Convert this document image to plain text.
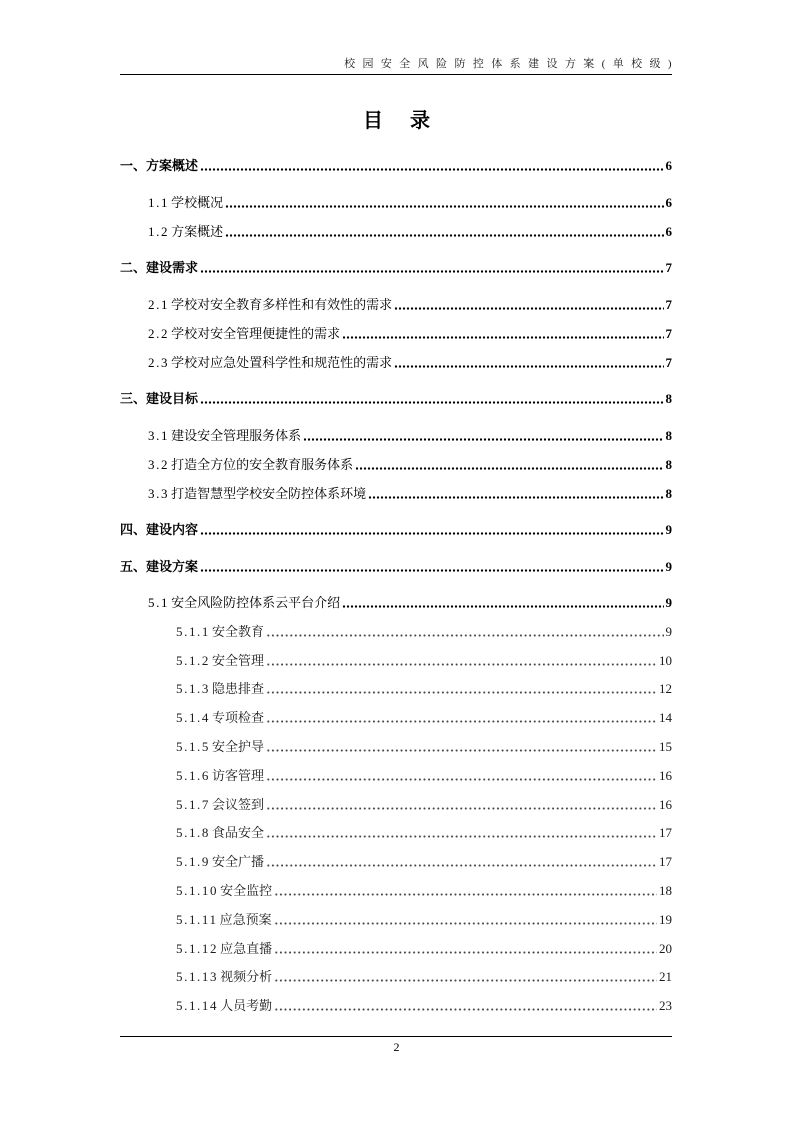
校园安全风险防控体系建设方案(单校级)
目录
一、方案概述	6
1.1 学校概况	6
1.2 方案概述	6
二、建设需求	7
2.1 学校对安全教育多样性和有效性的需求	7
2.2 学校对安全管理便捷性的需求	7
2.3 学校对应急处置科学性和规范性的需求	7
三、建设目标	8
3.1 建设安全管理服务体系	8
3.2 打造全方位的安全教育服务体系	8
3.3 打造智慧型学校安全防控体系环境	8
四、建设内容	9
五、建设方案	9
5.1 安全风险防控体系云平台介绍	9
5.1.1 安全教育	9
5.1.2 安全管理	10
5.1.3 隐患排查	12
5.1.4 专项检查	14
5.1.5 安全护导	15
5.1.6 访客管理	16
5.1.7 会议签到	16
5.1.8 食品安全	17
5.1.9 安全广播	17
5.1.10 安全监控	18
5.1.11 应急预案	19
5.1.12 应急直播	20
5.1.13 视频分析	21
5.1.14 人员考勤	23
2
